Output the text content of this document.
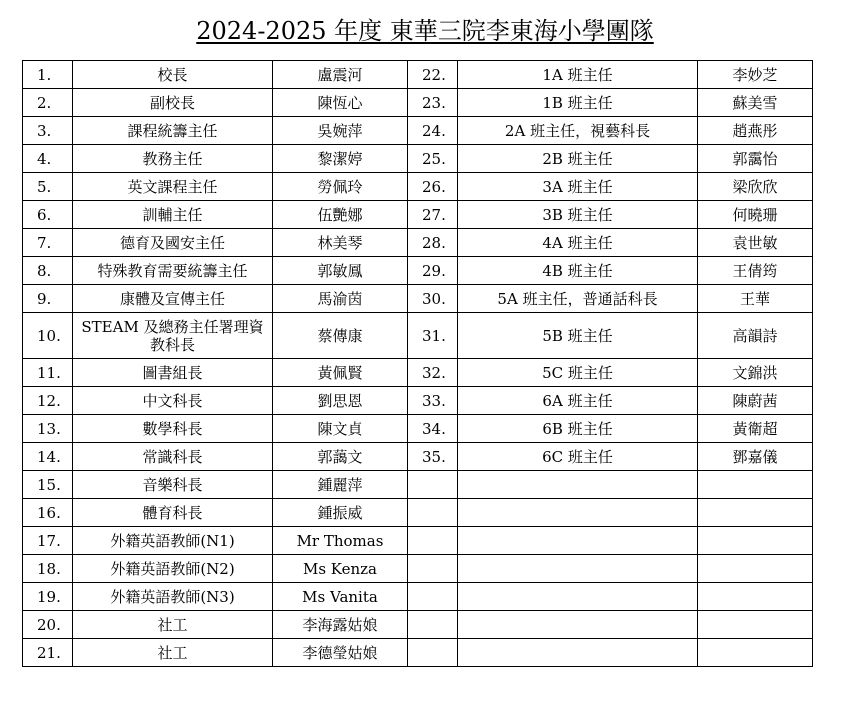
2024-2025 年度 東華三院李東海小學團隊
1.	校長	盧震河	22.	1A 班主任	李妙芝
2.	副校長	陳恆心	23.	1B 班主任	蘇美雪
3.	課程統籌主任	吳婉萍	24.	2A 班主任，視藝科長	趙燕彤
4.	教務主任	黎潔婷	25.	2B 班主任	郭靄怡
5.	英文課程主任	勞佩玲	26.	3A 班主任	梁欣欣
6.	訓輔主任	伍艷娜	27.	3B 班主任	何曉珊
7.	德育及國安主任	林美琴	28.	4A 班主任	袁世敏
8.	特殊教育需要統籌主任	郭敏鳳	29.	4B 班主任	王倩筠
9.	康體及宣傳主任	馬渝茵	30.	5A 班主任，普通話科長	王華
10.	STEAM 及總務主任署理資教科長	蔡傳康	31.	5B 班主任	高韻詩
11.	圖書組長	黃佩賢	32.	5C 班主任	文錦洪
12.	中文科長	劉思恩	33.	6A 班主任	陳蔚茜
13.	數學科長	陳文貞	34.	6B 班主任	黃衛超
14.	常識科長	郭藹文	35.	6C 班主任	鄧嘉儀
15.	音樂科長	鍾麗萍			
16.	體育科長	鍾振威			
17.	外籍英語教師(N1)	Mr Thomas			
18.	外籍英語教師(N2)	Ms Kenza			
19.	外籍英語教師(N3)	Ms Vanita			
20.	社工	李海露姑娘			
21.	社工	李德瑩姑娘			
